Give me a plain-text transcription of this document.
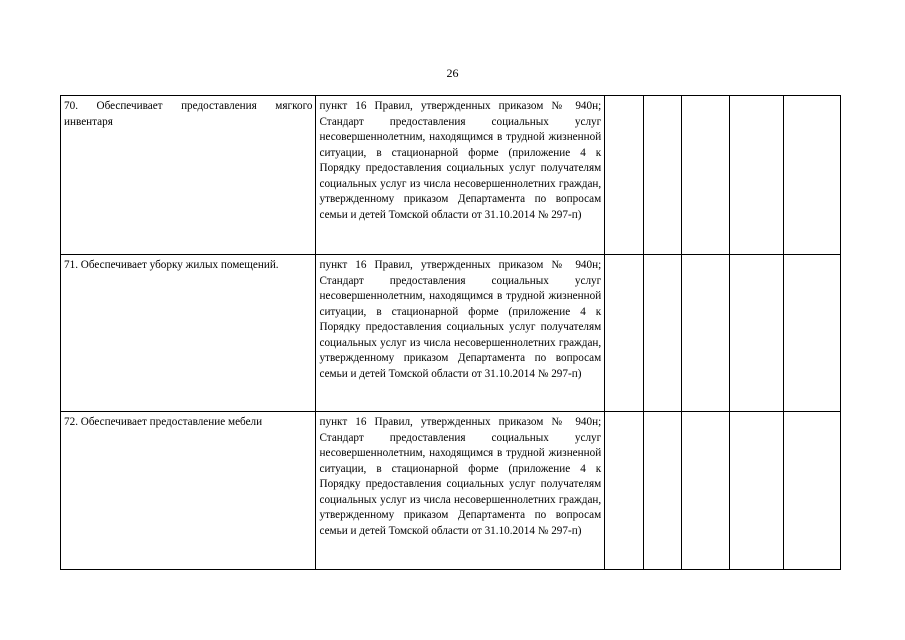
26
70. Обеспечивает предоставления мягкого инвентаря	пункт 16 Правил, утвержденных приказом № 940н; Стандарт предоставления социальных услуг несовершеннолетним, находящимся в трудной жизненной ситуации, в стационарной форме (приложение 4 к Порядку предоставления социальных услуг получателям социальных услуг из числа несовершеннолетних граждан, утвержденному приказом Департамента по вопросам семьи и детей Томской области от 31.10.2014 № 297-п)					
71. Обеспечивает уборку жилых помещений.	пункт 16 Правил, утвержденных приказом № 940н; Стандарт предоставления социальных услуг несовершеннолетним, находящимся в трудной жизненной ситуации, в стационарной форме (приложение 4 к Порядку предоставления социальных услуг получателям социальных услуг из числа несовершеннолетних граждан, утвержденному приказом Департамента по вопросам семьи и детей Томской области от 31.10.2014 № 297-п)					
72. Обеспечивает предоставление мебели	пункт 16 Правил, утвержденных приказом № 940н; Стандарт предоставления социальных услуг несовершеннолетним, находящимся в трудной жизненной ситуации, в стационарной форме (приложение 4 к Порядку предоставления социальных услуг получателям социальных услуг из числа несовершеннолетних граждан, утвержденному приказом Департамента по вопросам семьи и детей Томской области от 31.10.2014 № 297-п)					
